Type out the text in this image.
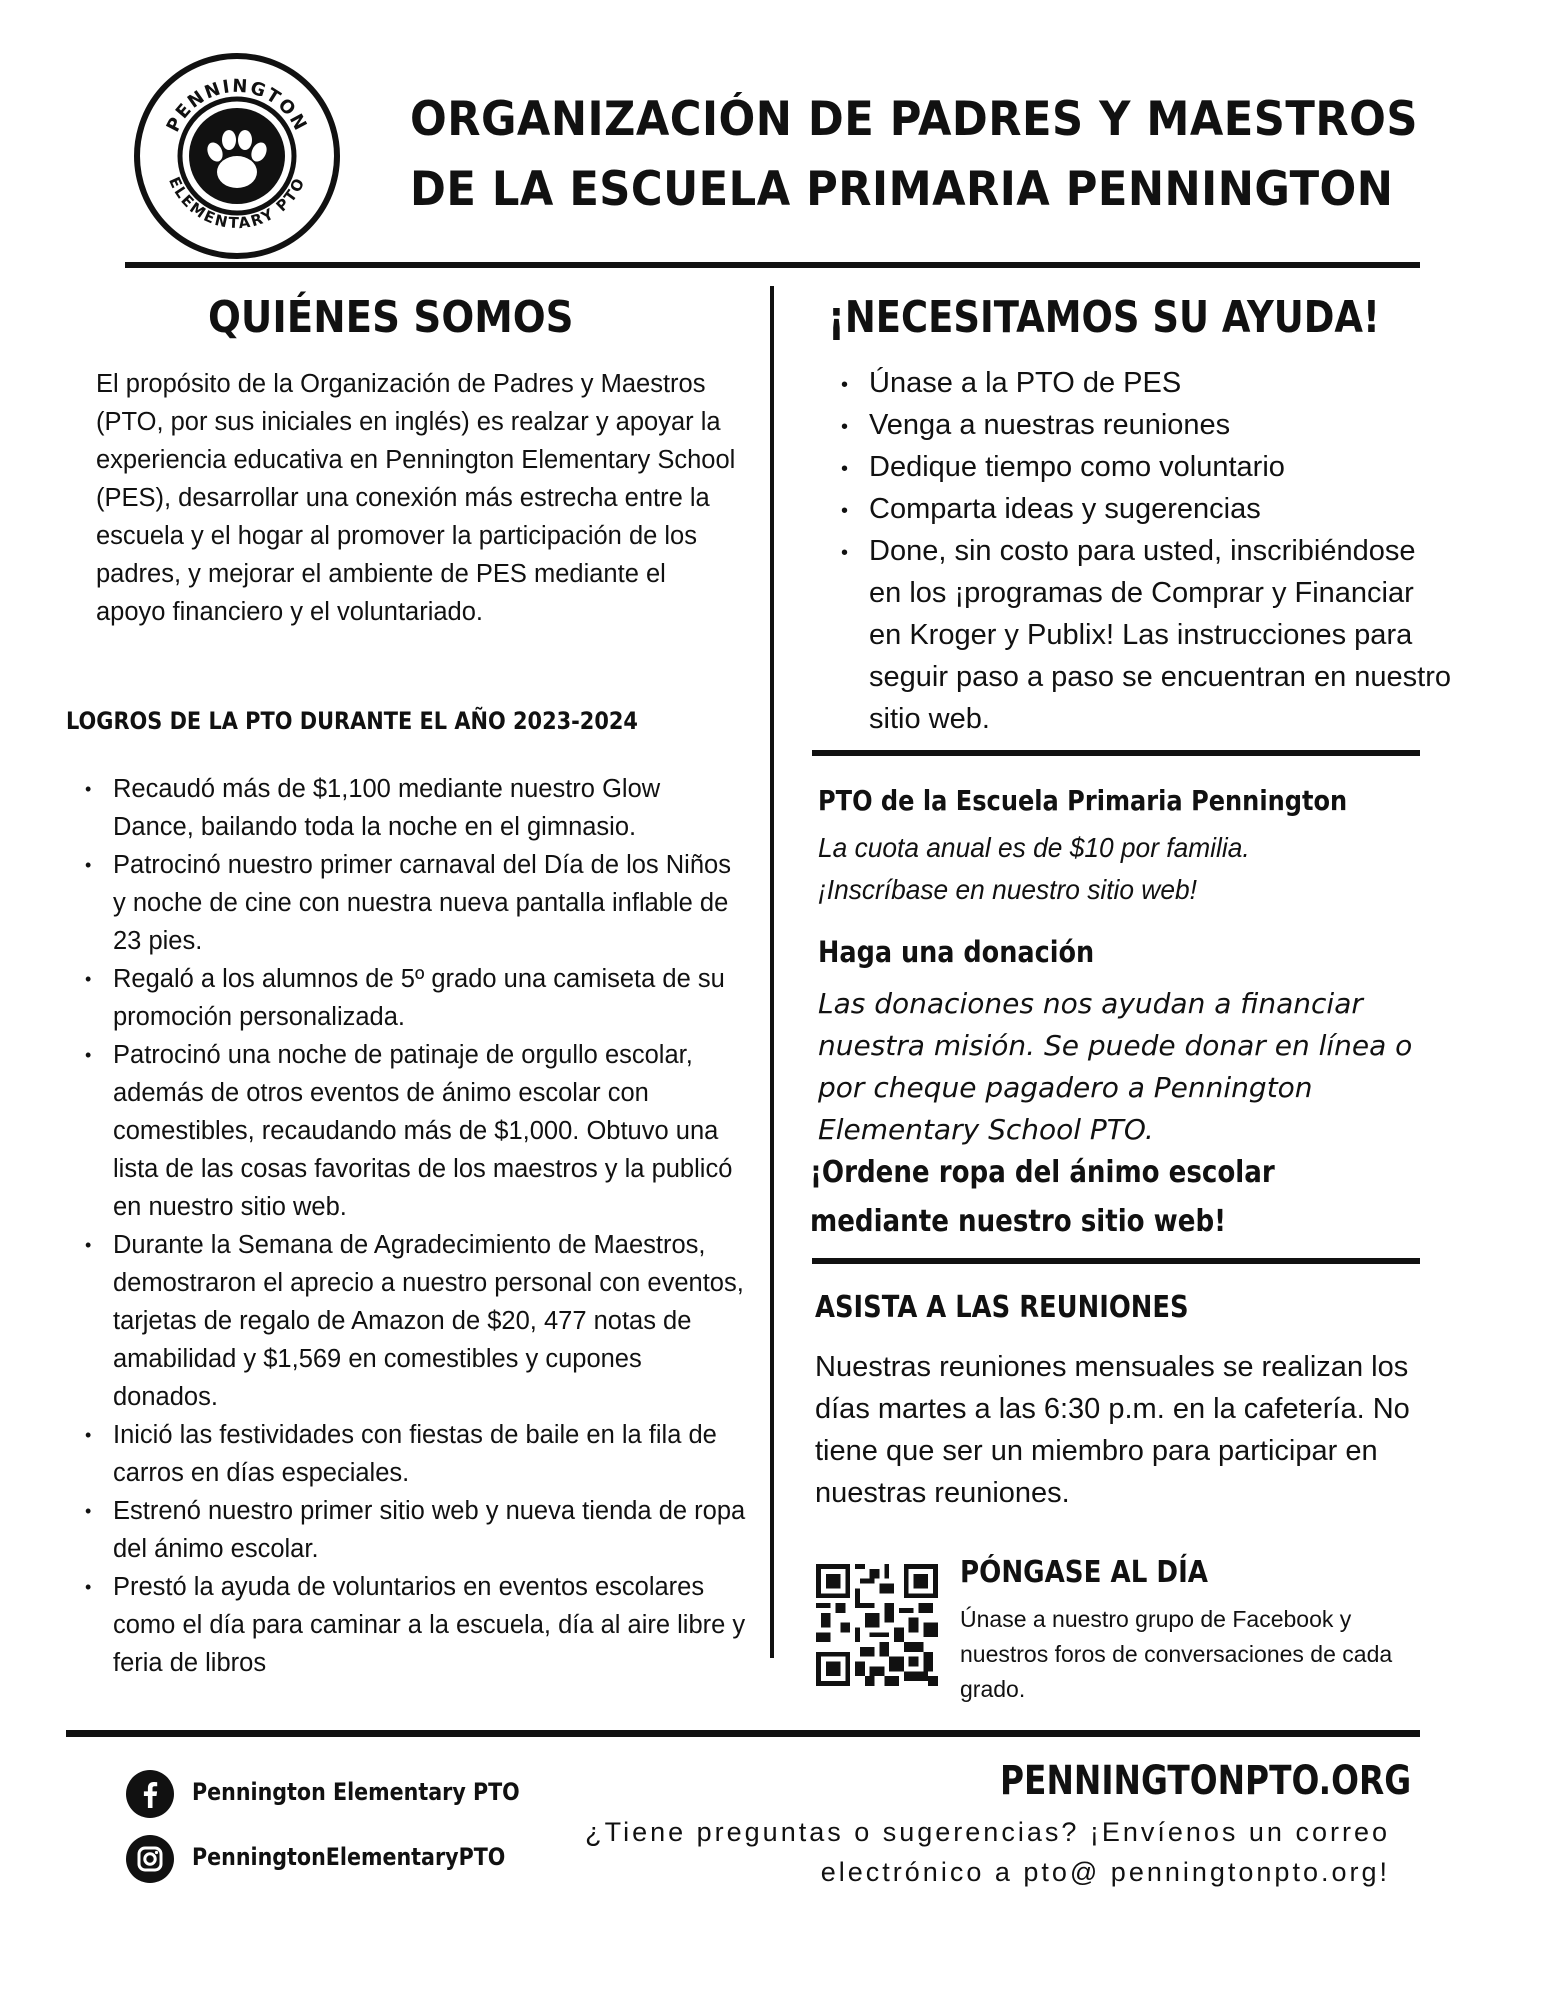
PENNINGTON
ELEMENTARY PTO
ORGANIZACIÓN DE PADRES Y MAESTROS
DE LA ESCUELA PRIMARIA PENNINGTON
QUIÉNES SOMOS
El propósito de la Organización de Padres y Maestros (PTO, por sus iniciales en inglés) es realzar y apoyar la experiencia educativa en Pennington Elementary School (PES), desarrollar una conexión más estrecha entre la escuela y el hogar al promover la participación de los padres, y mejorar el ambiente de PES mediante el apoyo financiero y el voluntariado.
LOGROS DE LA PTO DURANTE EL AÑO 2023-2024
• Recaudó más de $1,100 mediante nuestro Glow Dance, bailando toda la noche en el gimnasio.
• Patrocinó nuestro primer carnaval del Día de los Niños y noche de cine con nuestra nueva pantalla inflable de 23 pies.
• Regaló a los alumnos de 5º grado una camiseta de su promoción personalizada.
• Patrocinó una noche de patinaje de orgullo escolar, además de otros eventos de ánimo escolar con comestibles, recaudando más de $1,000. Obtuvo una lista de las cosas favoritas de los maestros y la publicó en nuestro sitio web.
• Durante la Semana de Agradecimiento de Maestros, demostraron el aprecio a nuestro personal con eventos, tarjetas de regalo de Amazon de $20, 477 notas de amabilidad y $1,569 en comestibles y cupones donados.
• Inició las festividades con fiestas de baile en la fila de carros en días especiales.
• Estrenó nuestro primer sitio web y nueva tienda de ropa del ánimo escolar.
• Prestó la ayuda de voluntarios en eventos escolares como el día para caminar a la escuela, día al aire libre y feria de libros
¡NECESITAMOS SU AYUDA!
• Únase a la PTO de PES
• Venga a nuestras reuniones
• Dedique tiempo como voluntario
• Comparta ideas y sugerencias
• Done, sin costo para usted, inscribiéndose en los ¡programas de Comprar y Financiar en Kroger y Publix! Las instrucciones para seguir paso a paso se encuentran en nuestro sitio web.
PTO de la Escuela Primaria Pennington
La cuota anual es de $10 por familia.
¡Inscríbase en nuestro sitio web!
Haga una donación
Las donaciones nos ayudan a financiar nuestra misión. Se puede donar en línea o por cheque pagadero a Pennington Elementary School PTO.
¡Ordene ropa del ánimo escolar
mediante nuestro sitio web!
ASISTA A LAS REUNIONES
Nuestras reuniones mensuales se realizan los días martes a las 6:30 p.m. en la cafetería. No tiene que ser un miembro para participar en nuestras reuniones.
PÓNGASE AL DÍA
Únase a nuestro grupo de Facebook y nuestros foros de conversaciones de cada grado.
Pennington Elementary PTO
PenningtonElementaryPTO
PENNINGTONPTO.ORG
¿Tiene preguntas o sugerencias? ¡Envíenos un correo electrónico a pto@ penningtonpto.org!
